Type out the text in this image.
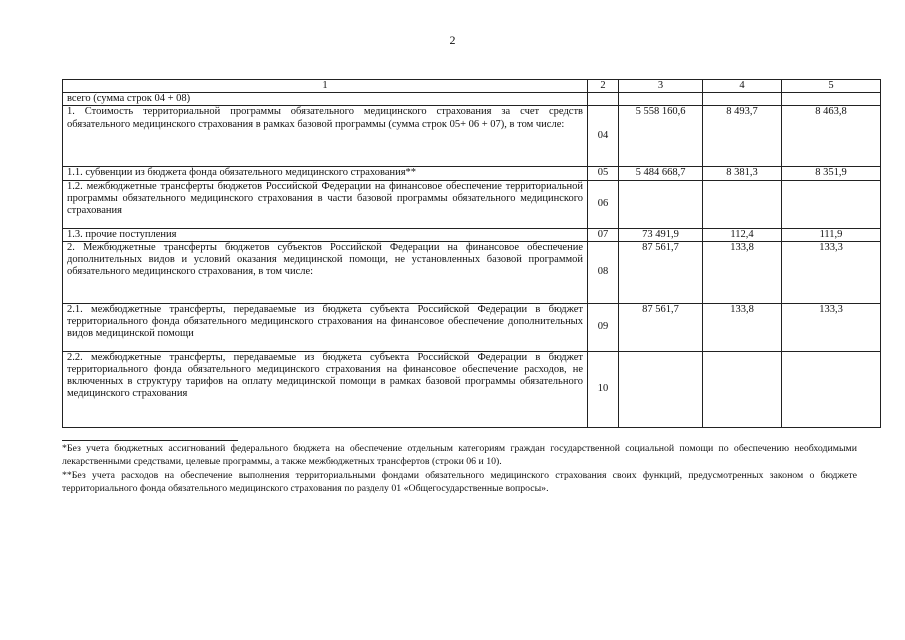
2
1	2	3	4	5
всего (сумма строк 04 + 08)				
1. Стоимость территориальной программы обязательного медицинского страхования за счет средств обязательного медицинского страхования в рамках базовой программы (сумма строк 05+ 06 + 07), в том числе:	04	5 558 160,6	8 493,7	8 463,8
1.1. субвенции из бюджета фонда обязательного медицинского страхования**	05	5 484 668,7	8 381,3	8 351,9
1.2. межбюджетные трансферты бюджетов Российской Федерации на финансовое обеспечение территориальной программы обязательного медицинского страхования в части базовой программы обязательного медицинского страхования	06			
1.3. прочие поступления	07	73 491,9	112,4	111,9
2. Межбюджетные трансферты бюджетов субъектов Российской Федерации на финансовое обеспечение дополнительных видов и условий оказания медицинской помощи, не установленных базовой программой обязательного медицинского страхования, в том числе:	08	87 561,7	133,8	133,3
2.1. межбюджетные трансферты, передаваемые из бюджета субъекта Российской Федерации в бюджет территориального фонда обязательного медицинского страхования на финансовое обеспечение дополнительных видов медицинской помощи	09	87 561,7	133,8	133,3
2.2. межбюджетные трансферты, передаваемые из бюджета субъекта Российской Федерации в бюджет территориального фонда обязательного медицинского страхования на финансовое обеспечение расходов, не включенных в структуру тарифов на оплату медицинской помощи в рамках базовой программы обязательного медицинского страхования	10			

*Без учета бюджетных ассигнований федерального бюджета на обеспечение отдельным категориям граждан государственной социальной помощи по обеспечению необходимыми лекарственными средствами, целевые программы, а также межбюджетных трансфертов (строки 06 и 10).

**Без учета расходов на обеспечение выполнения территориальными фондами обязательного медицинского страхования своих функций, предусмотренных законом о бюджете территориального фонда обязательного медицинского страхования по разделу 01 «Общегосударственные вопросы».
